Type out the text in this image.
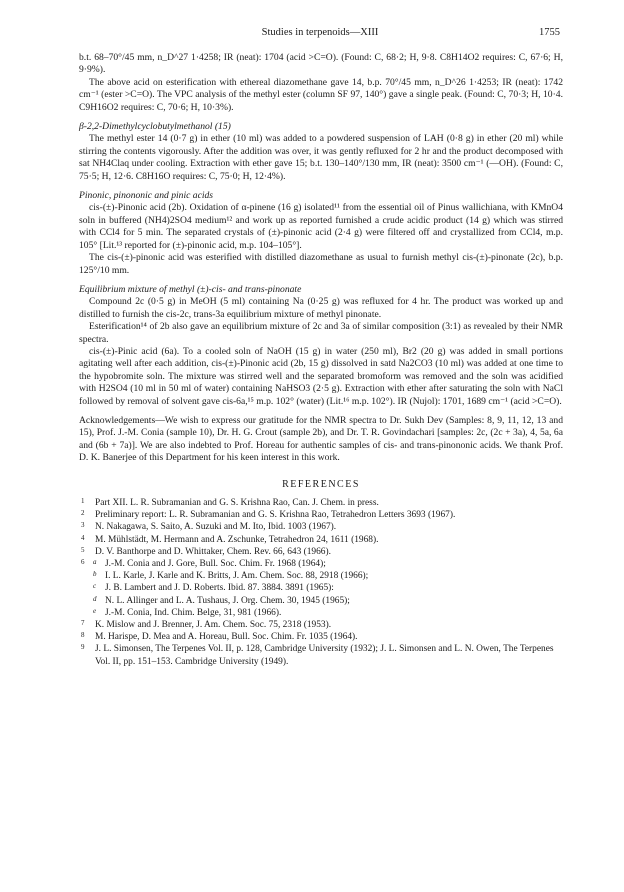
Studies in terpenoids—XIII	1755

b.t. 68–70°/45 mm, n_D^27 1·4258; IR (neat): 1704 (acid >C=O). (Found: C, 68·2; H, 9·8. C8H14O2 requires: C, 67·6; H, 9·9%).

The above acid on esterification with ethereal diazomethane gave 14, b.p. 70°/45 mm, n_D^26 1·4253; IR (neat): 1742 cm⁻¹ (ester >C=O). The VPC analysis of the methyl ester (column SF 97, 140°) gave a single peak. (Found: C, 70·3; H, 10·4. C9H16O2 requires: C, 70·6; H, 10·3%).

β-2,2-Dimethylcyclobutylmethanol (15)

The methyl ester 14 (0·7 g) in ether (10 ml) was added to a powdered suspension of LAH (0·8 g) in ether (20 ml) while stirring the contents vigorously. After the addition was over, it was gently refluxed for 2 hr and the product decomposed with sat NH4Claq under cooling. Extraction with ether gave 15; b.t. 130–140°/130 mm, IR (neat): 3500 cm⁻¹ (—OH). (Found: C, 75·5; H, 12·6. C8H16O requires: C, 75·0; H, 12·4%).

Pinonic, pinononic and pinic acids

cis-(±)-Pinonic acid (2b). Oxidation of α-pinene (16 g) isolated¹¹ from the essential oil of Pinus wallichiana, with KMnO4 soln in buffered (NH4)2SO4 medium¹² and work up as reported furnished a crude acidic product (14 g) which was stirred with CCl4 for 5 min. The separated crystals of (±)-pinonic acid (2·4 g) were filtered off and crystallized from CCl4, m.p. 105° [Lit.¹³ reported for (±)-pinonic acid, m.p. 104–105°].

The cis-(±)-pinonic acid was esterified with distilled diazomethane as usual to furnish methyl cis-(±)-pinonate (2c), b.p. 125°/10 mm.

Equilibrium mixture of methyl (±)-cis- and trans-pinonate

Compound 2c (0·5 g) in MeOH (5 ml) containing Na (0·25 g) was refluxed for 4 hr. The product was worked up and distilled to furnish the cis-2c, trans-3a equilibrium mixture of methyl pinonate.

Esterification¹⁴ of 2b also gave an equilibrium mixture of 2c and 3a of similar composition (3:1) as revealed by their NMR spectra.

cis-(±)-Pinic acid (6a). To a cooled soln of NaOH (15 g) in water (250 ml), Br2 (20 g) was added in small portions agitating well after each addition, cis-(±)-Pinonic acid (2b, 15 g) dissolved in satd Na2CO3 (10 ml) was added at one time to the hypobromite soln. The mixture was stirred well and the separated bromoform was removed and the soln was acidified with H2SO4 (10 ml in 50 ml of water) containing NaHSO3 (2·5 g). Extraction with ether after saturating the soln with NaCl followed by removal of solvent gave cis-6a,¹⁵ m.p. 102° (water) (Lit.¹⁶ m.p. 102°). IR (Nujol): 1701, 1689 cm⁻¹ (acid >C=O).

Acknowledgements—We wish to express our gratitude for the NMR spectra to Dr. Sukh Dev (Samples: 8, 9, 11, 12, 13 and 15), Prof. J.-M. Conia (sample 10), Dr. H. G. Crout (sample 2b), and Dr. T. R. Govindachari [samples: 2c, (2c + 3a), 4, 5a, 6a and (6b + 7a)]. We are also indebted to Prof. Horeau for authentic samples of cis- and trans-pinononic acids. We thank Prof. D. K. Banerjee of this Department for his keen interest in this work.

REFERENCES
1 Part XII. L. R. Subramanian and G. S. Krishna Rao, Can. J. Chem. in press.
2 Preliminary report: L. R. Subramanian and G. S. Krishna Rao, Tetrahedron Letters 3693 (1967).
3 N. Nakagawa, S. Saito, A. Suzuki and M. Ito, Ibid. 1003 (1967).
4 M. Mühlstädt, M. Hermann and A. Zschunke, Tetrahedron 24, 1611 (1968).
5 D. V. Banthorpe and D. Whittaker, Chem. Rev. 66, 643 (1966).
6 a J.-M. Conia and J. Gore, Bull. Soc. Chim. Fr. 1968 (1964);
b I. L. Karle, J. Karle and K. Britts, J. Am. Chem. Soc. 88, 2918 (1966);
c J. B. Lambert and J. D. Roberts. Ibid. 87. 3884. 3891 (1965):
d N. L. Allinger and L. A. Tushaus, J. Org. Chem. 30, 1945 (1965);
e J.-M. Conia, Ind. Chim. Belge, 31, 981 (1966).
7 K. Mislow and J. Brenner, J. Am. Chem. Soc. 75, 2318 (1953).
8 M. Harispe, D. Mea and A. Horeau, Bull. Soc. Chim. Fr. 1035 (1964).
9 J. L. Simonsen, The Terpenes Vol. II, p. 128, Cambridge University (1932); J. L. Simonsen and L. N. Owen, The Terpenes Vol. II, pp. 151–153. Cambridge University (1949).
